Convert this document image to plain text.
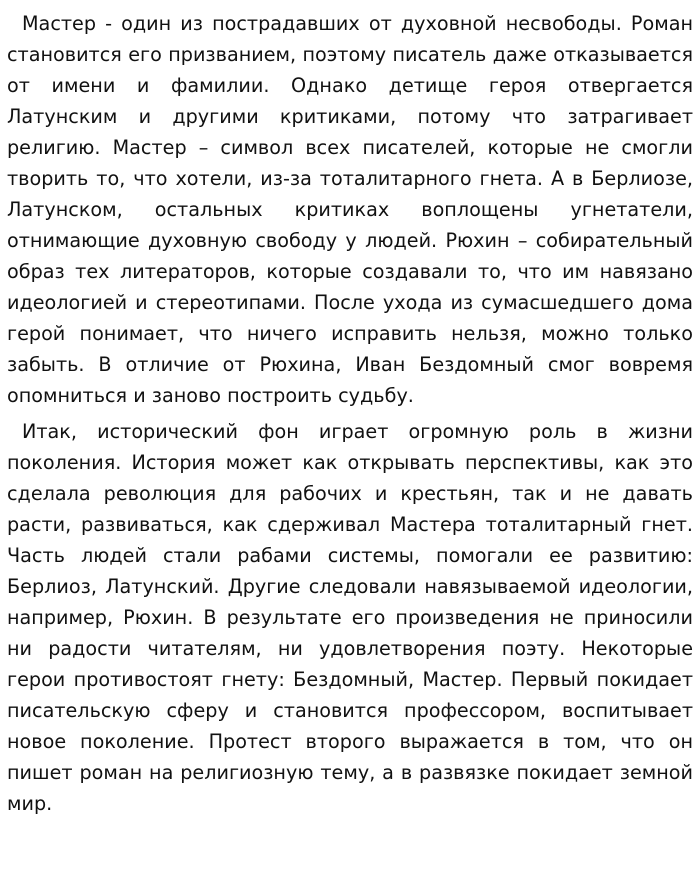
Мастер - один из пострадавших от духовной несвободы. Роман становится его призванием, поэтому писатель даже отказывается от имени и фамилии. Однако детище героя отвергается Латунским и другими критиками, потому что затрагивает религию. Мастер – символ всех писателей, которые не смогли творить то, что хотели, из-за тоталитарного гнета. А в Берлиозе, Латунском, остальных критиках воплощены угнетатели, отнимающие духовную свободу у людей. Рюхин – собирательный образ тех литераторов, которые создавали то, что им навязано идеологией и стереотипами. После ухода из сумасшедшего дома герой понимает, что ничего исправить нельзя, можно только забыть. В отличие от Рюхина, Иван Бездомный смог вовремя опомниться и заново построить судьбу.

Итак, исторический фон играет огромную роль в жизни поколения. История может как открывать перспективы, как это сделала революция для рабочих и крестьян, так и не давать расти, развиваться, как сдерживал Мастера тоталитарный гнет. Часть людей стали рабами системы, помогали ее развитию: Берлиоз, Латунский. Другие следовали навязываемой идеологии, например, Рюхин. В результате его произведения не приносили ни радости читателям, ни удовлетворения поэту. Некоторые герои противостоят гнету: Бездомный, Мастер. Первый покидает писательскую сферу и становится профессором, воспитывает новое поколение. Протест второго выражается в том, что он пишет роман на религиозную тему, а в развязке покидает земной мир.
